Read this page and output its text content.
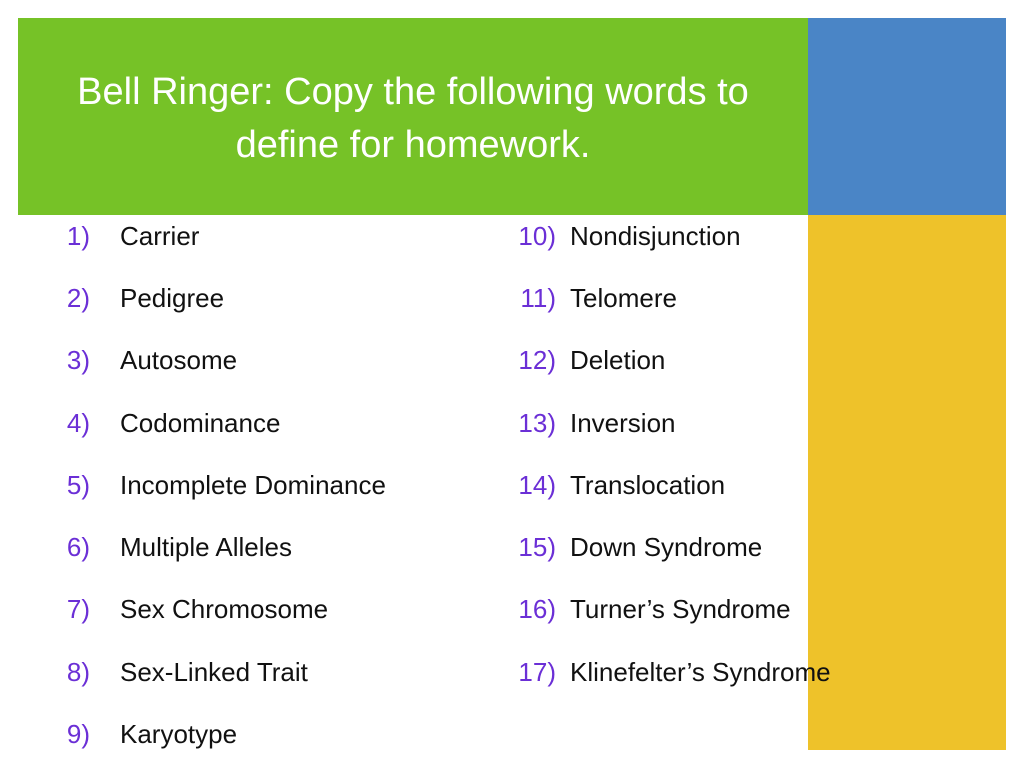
Bell Ringer: Copy the following words to
define for homework.
1) Carrier
2) Pedigree
3) Autosome
4) Codominance
5) Incomplete Dominance
6) Multiple Alleles
7) Sex Chromosome
8) Sex-Linked Trait
9) Karyotype
10) Nondisjunction
11) Telomere
12) Deletion
13) Inversion
14) Translocation
15) Down Syndrome
16) Turner’s Syndrome
17) Klinefelter’s Syndrome
